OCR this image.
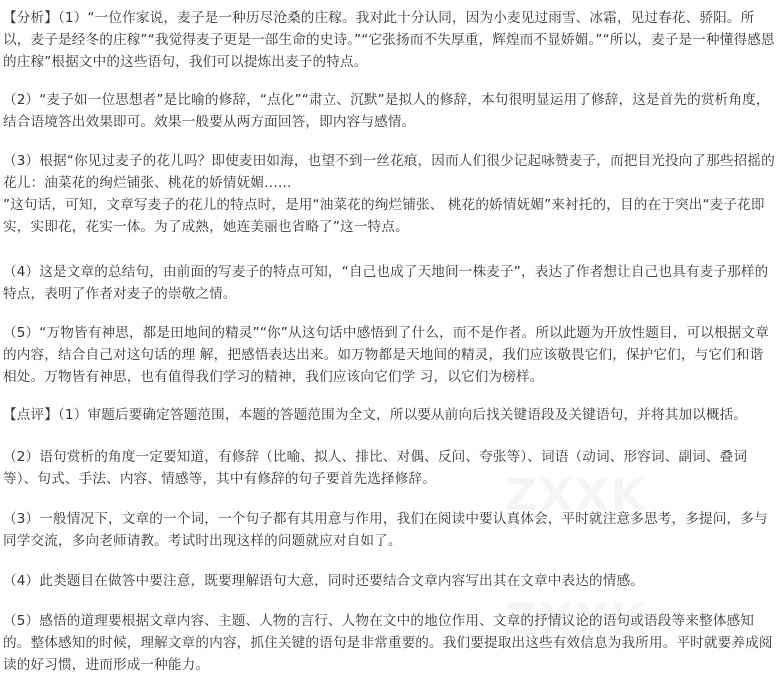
【分析】（1）“一位作家说，麦子是一种历尽沧桑的庄稼。我对此十分认同，因为小麦见过雨雪、冰霜，见过春花、骄阳。所以，麦子是经冬的庄稼”“我觉得麦子更是一部生命的史诗。”“它张扬而不失厚重，辉煌而不显娇媚。”“所以，麦子是一种懂得感恩的庄稼”根据文中的这些语句，我们可以提炼出麦子的特点。

（2）“麦子如一位思想者”是比喻的修辞，“点化”“肃立、沉默”是拟人的修辞，本句很明显运用了修辞，这是首先的赏析角度，结合语境答出效果即可。效果一般要从两方面回答，即内容与感情。

（3）根据“你见过麦子的花儿吗？即使麦田如海，也望不到一丝花痕，因而人们很少记起咏赞麦子，而把目光投向了那些招摇的花儿：油菜花的绚烂铺张、桃花的娇情妩媚……
”这句话，可知，文章写麦子的花儿的特点时，是用“油菜花的绚烂铺张、 桃花的娇情妩媚”来衬托的，目的在于突出“麦子花即实，实即花，花实一体。为了成熟，她连美丽也省略了”这一特点。

（4）这是文章的总结句，由前面的写麦子的特点可知，“自己也成了天地间一株麦子”，表达了作者想让自己也具有麦子那样的特点，表明了作者对麦子的崇敬之情。

（5）“万物皆有神思，都是田地间的精灵”“你”从这句话中感悟到了什么，而不是作者。所以此题为开放性题目，可以根据文章的内容，结合自己对这句话的理 解，把感悟表达出来。如万物都是天地间的精灵，我们应该敬畏它们，保护它们，与它们和谐相处。万物皆有神思，也有值得我们学习的精神，我们应该向它们学 习，以它们为榜样。

【点评】（1）审题后要确定答题范围，本题的答题范围为全文，所以要从前向后找关键语段及关键语句，并将其加以概括。

（2）语句赏析的角度一定要知道，有修辞（比喻、拟人、排比、对偶、反问、夸张等）、词语（动词、形容词、副词、叠词等）、句式、手法、内容、情感等，其中有修辞的句子要首先选择修辞。

（3）一般情况下，文章的一个词，一个句子都有其用意与作用，我们在阅读中要认真体会，平时就注意多思考，多提问，多与同学交流，多向老师请教。考试时出现这样的问题就应对自如了。

（4）此类题目在做答中要注意，既要理解语句大意，同时还要结合文章内容写出其在文章中表达的情感。

（5）感悟的道理要根据文章内容、主题、人物的言行、人物在文中的地位作用、文章的抒情议论的语句或语段等来整体感知的。整体感知的时候，理解文章的内容，抓住关键的语句是非常重要的。我们要提取出这些有效信息为我所用。平时就要养成阅读的好习惯，进而形成一种能力。
